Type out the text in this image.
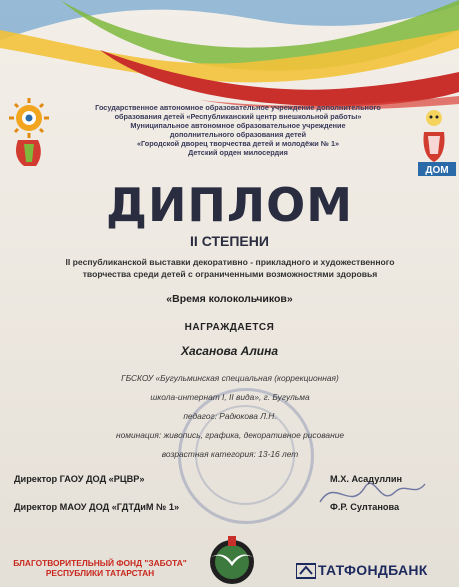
Государственное автономное образовательное учреждение дополнительного
образования детей «Республиканский центр внешкольной работы»
Муниципальное автономное образовательное учреждение
дополнительного образования детей
«Городской дворец творчества детей и молодёжи № 1»
Детский орден милосердия
ДОМ
ДИПЛОМ
II СТЕПЕНИ
II республиканской выставки декоративно - прикладного и художественного
творчества среди детей с ограниченными возможностями здоровья
«Время колокольчиков»
НАГРАЖДАЕТСЯ
Хасанова Алина
ГБСКОУ «Бугульминская специальная (коррекционная)
школа-интернат I, II вида», г. Бугульма
педагог: Радюкова Л.Н.
номинация: живопись, графика, декоративное рисование
возрастная категория: 13-16 лет
Директор ГАОУ ДОД «РЦВР»	М.Х. Асадуллин
Директор МАОУ ДОД «ГДТДиМ № 1»	Ф.Р. Султанова
БЛАГОТВОРИТЕЛЬНЫЙ ФОНД "ЗАБОТА"
РЕСПУБЛИКИ ТАТАРСТАН	ТАТФОНДБАНК
